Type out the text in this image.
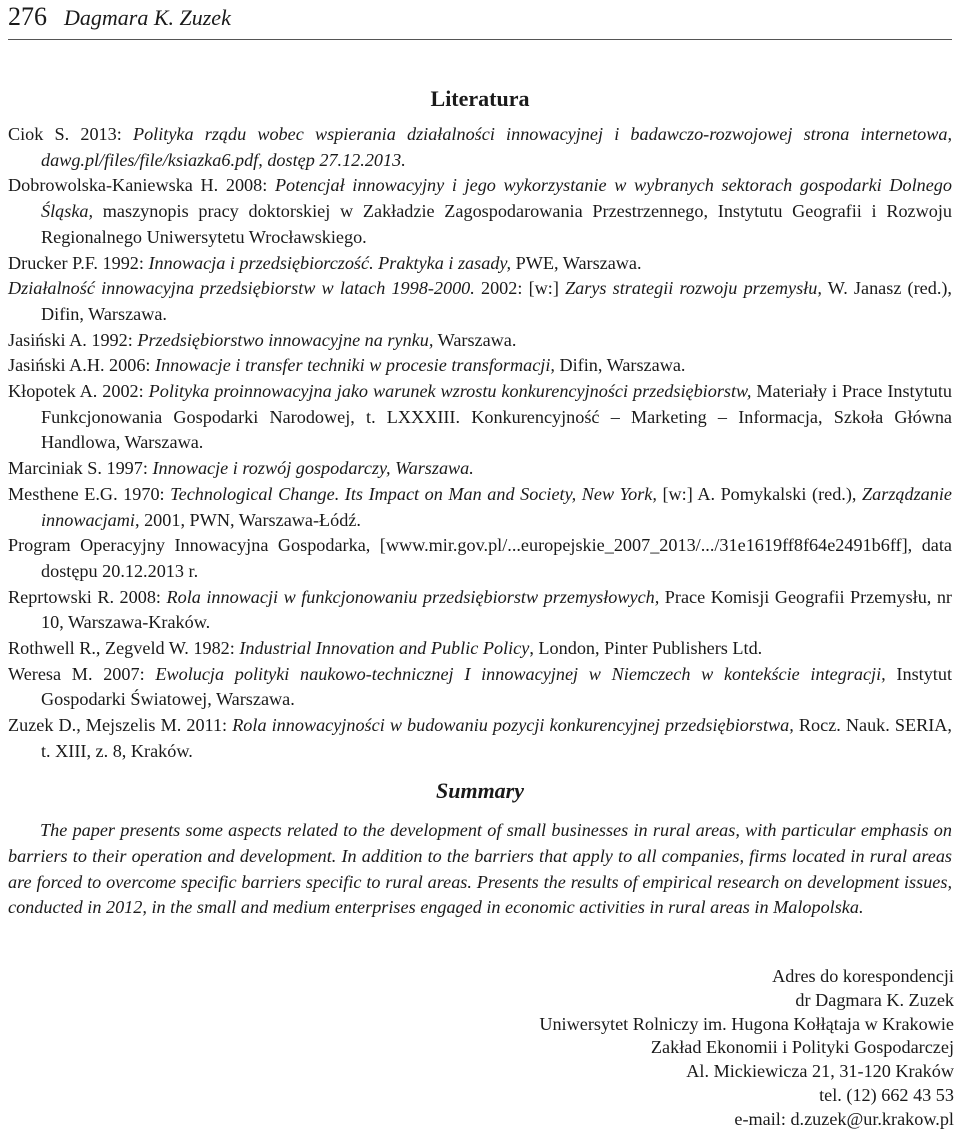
276 Dagmara K. Zuzek
Literatura
Ciok S. 2013: Polityka rządu wobec wspierania działalności innowacyjnej i badawczo-rozwojowej strona internetowa, dawg.pl/files/file/ksiazka6.pdf, dostęp 27.12.2013.
Dobrowolska-Kaniewska H. 2008: Potencjał innowacyjny i jego wykorzystanie w wybranych sektorach gospodarki Dolnego Śląska, maszynopis pracy doktorskiej w Zakładzie Zagospodarowania Przestrzennego, Instytutu Geografii i Rozwoju Regionalnego Uniwersytetu Wrocławskiego.
Drucker P.F. 1992: Innowacja i przedsiębiorczość. Praktyka i zasady, PWE, Warszawa.
Działalność innowacyjna przedsiębiorstw w latach 1998-2000. 2002: [w:] Zarys strategii rozwoju przemysłu, W. Janasz (red.), Difin, Warszawa.
Jasiński A. 1992: Przedsiębiorstwo innowacyjne na rynku, Warszawa.
Jasiński A.H. 2006: Innowacje i transfer techniki w procesie transformacji, Difin, Warszawa.
Kłopotek A. 2002: Polityka proinnowacyjna jako warunek wzrostu konkurencyjności przedsiębiorstw, Materiały i Prace Instytutu Funkcjonowania Gospodarki Narodowej, t. LXXXIII. Konkurencyjność – Marketing – Informacja, Szkoła Główna Handlowa, Warszawa.
Marciniak S. 1997: Innowacje i rozwój gospodarczy, Warszawa.
Mesthene E.G. 1970: Technological Change. Its Impact on Man and Society, New York, [w:] A. Pomykalski (red.), Zarządzanie innowacjami, 2001, PWN, Warszawa-Łódź.
Program Operacyjny Innowacyjna Gospodarka, [www.mir.gov.pl/...europejskie_2007_2013/.../31e1619ff8f64e2491b6ff], data dostępu 20.12.2013 r.
Reprtowski R. 2008: Rola innowacji w funkcjonowaniu przedsiębiorstw przemysłowych, Prace Komisji Geografii Przemysłu, nr 10, Warszawa-Kraków.
Rothwell R., Zegveld W. 1982: Industrial Innovation and Public Policy, London, Pinter Publishers Ltd.
Weresa M. 2007: Ewolucja polityki naukowo-technicznej I innowacyjnej w Niemczech w kontekście integracji, Instytut Gospodarki Światowej, Warszawa.
Zuzek D., Mejszelis M. 2011: Rola innowacyjności w budowaniu pozycji konkurencyjnej przedsiębiorstwa, Rocz. Nauk. SERIA, t. XIII, z. 8, Kraków.
Summary

The paper presents some aspects related to the development of small businesses in rural areas, with particular emphasis on barriers to their operation and development. In addition to the barriers that apply to all companies, firms located in rural areas are forced to overcome specific barriers specific to rural areas. Presents the results of empirical research on development issues, conducted in 2012, in the small and medium enterprises engaged in economic activities in rural areas in Malopolska.

Adres do korespondencji
dr Dagmara K. Zuzek
Uniwersytet Rolniczy im. Hugona Kołłątaja w Krakowie
Zakład Ekonomii i Polityki Gospodarczej
Al. Mickiewicza 21, 31-120 Kraków
tel. (12) 662 43 53
e-mail: d.zuzek@ur.krakow.pl
